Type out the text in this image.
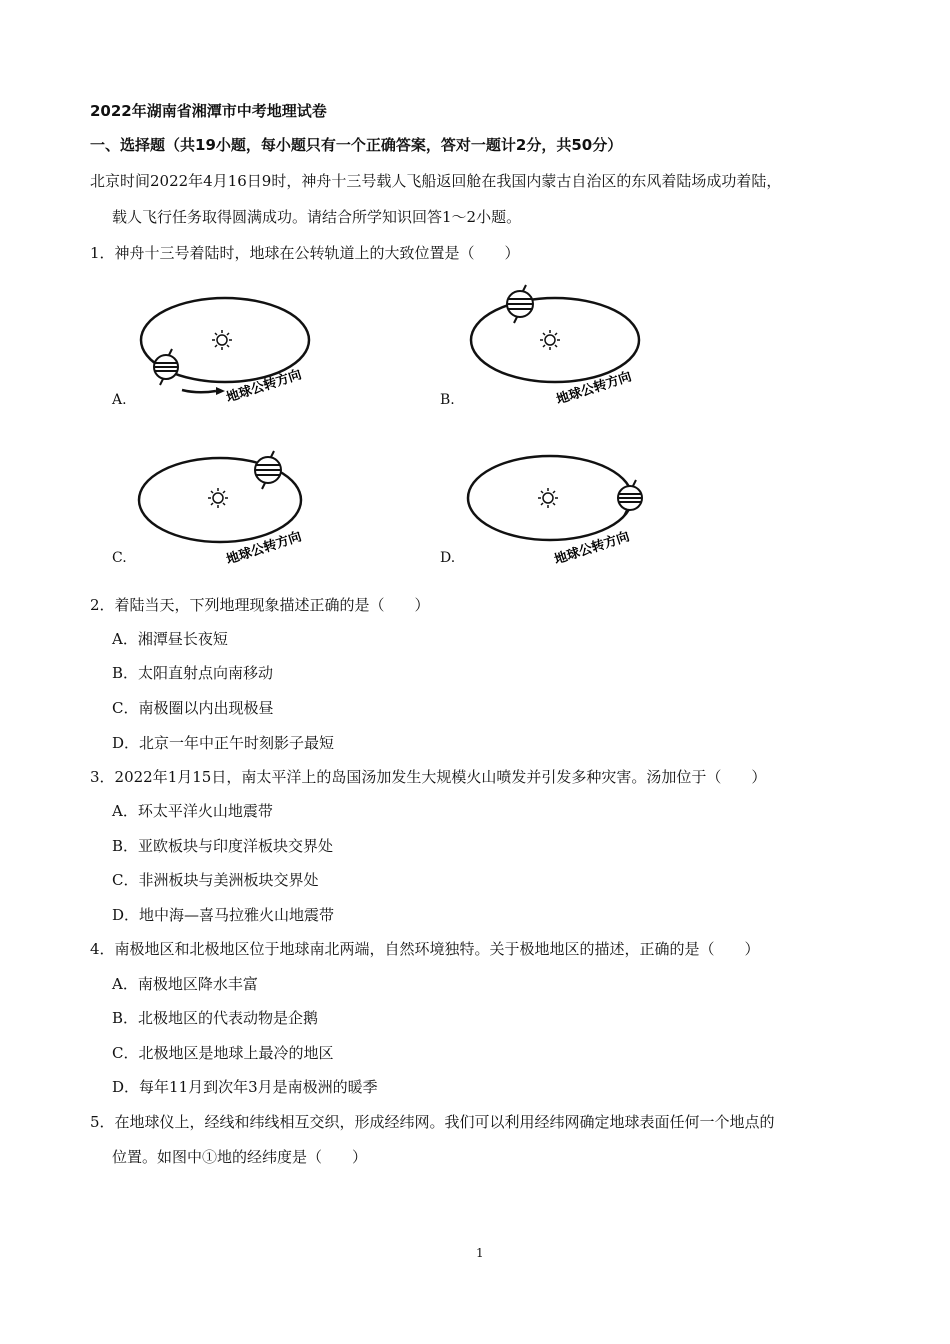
2022年湖南省湘潭市中考地理试卷
一、选择题（共19小题，每小题只有一个正确答案，答对一题计2分，共50分）
北京时间2022年4月16日9时，神舟十三号载人飞船返回舱在我国内蒙古自治区的东风着陆场成功着陆，
载人飞行任务取得圆满成功。请结合所学知识回答1～2小题。
1．神舟十三号着陆时，地球在公转轨道上的大致位置是（　　）
地球公转方向
A.	地球公转方向
B.
地球公转方向
C.	地球公转方向
D.
2．着陆当天，下列地理现象描述正确的是（　　）
A．湘潭昼长夜短
B．太阳直射点向南移动
C．南极圈以内出现极昼
D．北京一年中正午时刻影子最短
3．2022年1月15日，南太平洋上的岛国汤加发生大规模火山喷发并引发多种灾害。汤加位于（　　）
A．环太平洋火山地震带
B．亚欧板块与印度洋板块交界处
C．非洲板块与美洲板块交界处
D．地中海—喜马拉雅火山地震带
4．南极地区和北极地区位于地球南北两端，自然环境独特。关于极地地区的描述，正确的是（　　）
A．南极地区降水丰富
B．北极地区的代表动物是企鹅
C．北极地区是地球上最冷的地区
D．每年11月到次年3月是南极洲的暖季
5．在地球仪上，经线和纬线相互交织，形成经纬网。我们可以利用经纬网确定地球表面任何一个地点的
位置。如图中①地的经纬度是（　　）
1
